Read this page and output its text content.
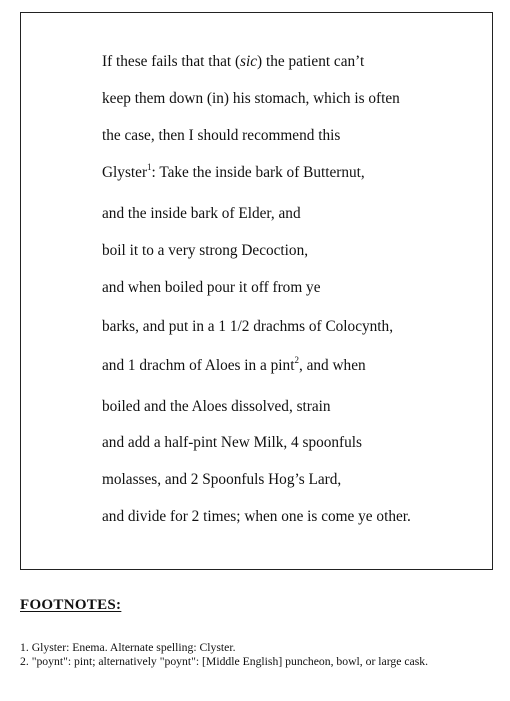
If these fails that that (sic) the patient can’t
keep them down (in) his stomach, which is often
the case, then I should recommend this
Glyster$^1$: Take the inside bark of Butternut,
and the inside bark of Elder, and
boil it to a very strong Decoction,
and when boiled pour it off from ye
barks, and put in a 1 1/2 drachms of Colocynth,
and 1 drachm of Aloes in a pint$^2$, and when
boiled and the Aloes dissolved, strain
and add a half-pint New Milk, 4 spoonfuls
molasses, and 2 Spoonfuls Hog’s Lard,
and divide for 2 times; when one is come ye other.
FOOTNOTES:
1. Glyster: Enema. Alternate spelling: Clyster.
2. "poynt": pint; alternatively "poynt": [Middle English] puncheon, bowl, or large cask.
